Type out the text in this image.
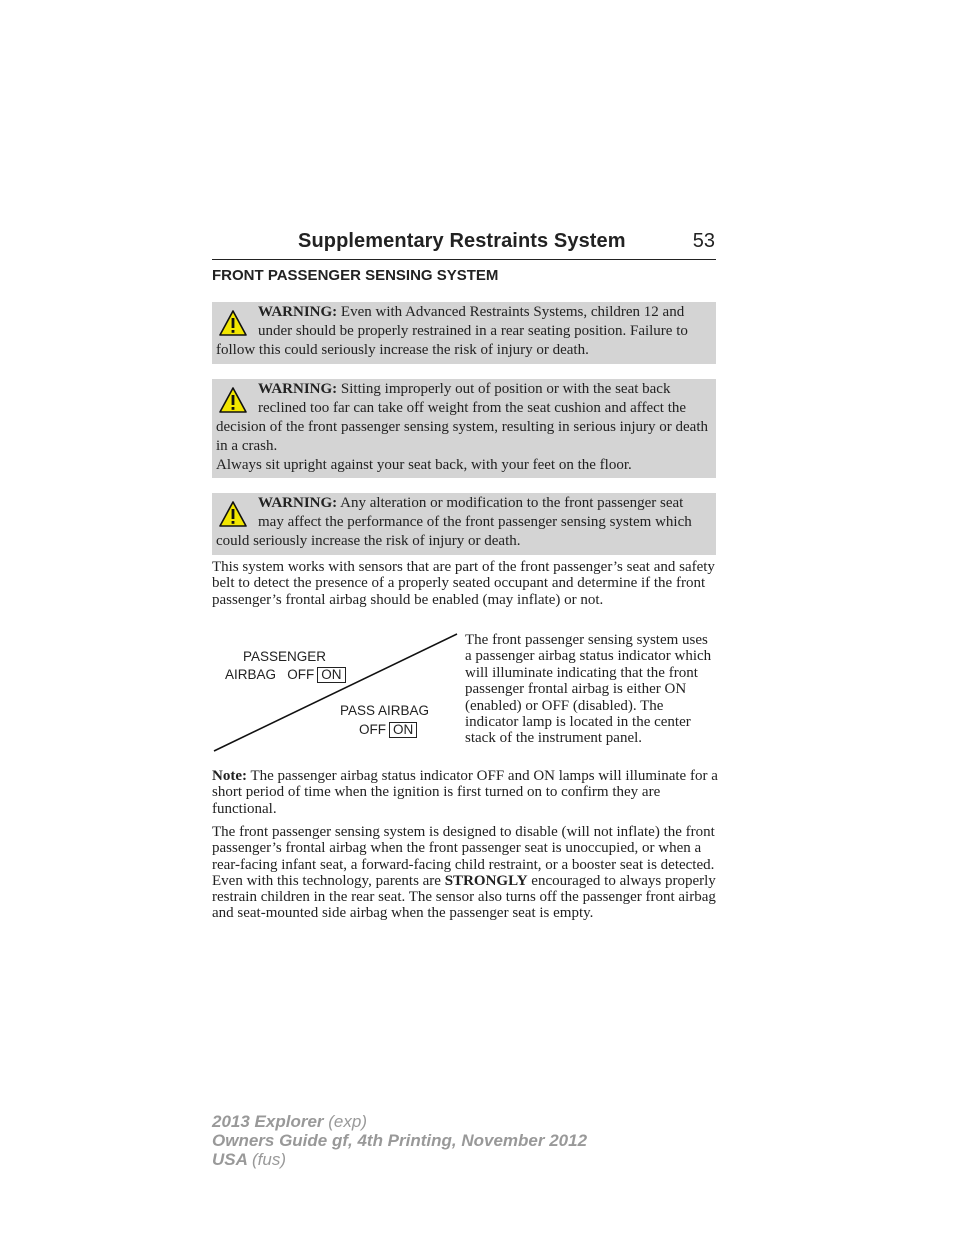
Supplementary Restraints System	53
FRONT PASSENGER SENSING SYSTEM

WARNING: Even with Advanced Restraints Systems, children 12 and under should be properly restrained in a rear seating position. Failure to follow this could seriously increase the risk of injury or death.

WARNING: Sitting improperly out of position or with the seat back reclined too far can take off weight from the seat cushion and affect the decision of the front passenger sensing system, resulting in serious injury or death in a crash.

Always sit upright against your seat back, with your feet on the floor.

WARNING: Any alteration or modification to the front passenger seat may affect the performance of the front passenger sensing system which could seriously increase the risk of injury or death.

This system works with sensors that are part of the front passenger’s seat and safety belt to detect the presence of a properly seated occupant and determine if the front passenger’s frontal airbag should be enabled (may inflate) or not.

PASSENGER
AIRBAG   OFF ON
PASS AIRBAG
OFF ON

The front passenger sensing system uses a passenger airbag status indicator which will illuminate indicating that the front passenger frontal airbag is either ON (enabled) or OFF (disabled). The indicator lamp is located in the center stack of the instrument panel.

Note: The passenger airbag status indicator OFF and ON lamps will illuminate for a short period of time when the ignition is first turned on to confirm they are functional.

The front passenger sensing system is designed to disable (will not inflate) the front passenger’s frontal airbag when the front passenger seat is unoccupied, or when a rear-facing infant seat, a forward-facing child restraint, or a booster seat is detected. Even with this technology, parents are STRONGLY encouraged to always properly restrain children in the rear seat. The sensor also turns off the passenger front airbag and seat-mounted side airbag when the passenger seat is empty.

2013 Explorer (exp)
Owners Guide gf, 4th Printing, November 2012
USA (fus)
